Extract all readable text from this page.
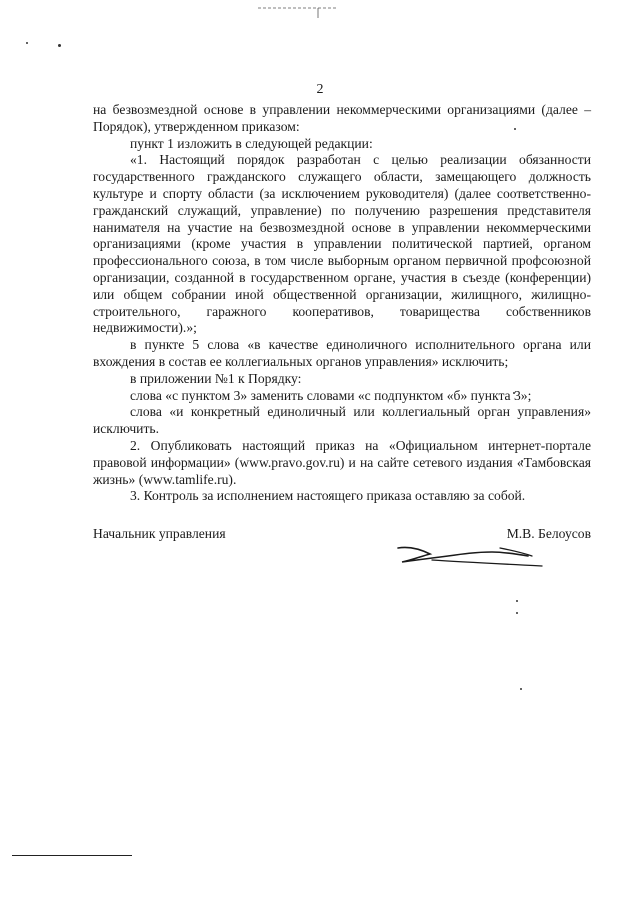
2

на безвозмездной основе в управлении некоммерческими организациями (далее – Порядок), утвержденном приказом:

пункт 1 изложить в следующей редакции:

«1. Настоящий порядок разработан с целью реализации обязанности государственного гражданского служащего области, замещающего должность культуре и спорту области (за исключением руководителя) (далее соответственно-гражданский служащий, управление) по получению разрешения представителя нанимателя на участие на безвозмездной основе в управлении некоммерческими организациями (кроме участия в управлении политической партией, органом профессионального союза, в том числе выборным органом первичной профсоюзной организации, созданной в государственном органе, участия в съезде (конференции) или общем собрании иной общественной организации, жилищного, жилищно-строительного, гаражного кооперативов, товарищества собственников недвижимости).»;

в пункте 5 слова «в качестве единоличного исполнительного органа или вхождения в состав ее коллегиальных органов управления» исключить;

в приложении №1 к Порядку:

слова «с пунктом 3» заменить словами «с подпунктом «б» пункта 3»;

слова «и конкретный единоличный или коллегиальный орган управления» исключить.

2. Опубликовать настоящий приказ на «Официальном интернет-портале правовой информации» (www.pravo.gov.ru) и на сайте сетевого издания «Тамбовская жизнь» (www.tamlife.ru).

3. Контроль за исполнением настоящего приказа оставляю за собой.

Начальник управления	М.В. Белоусов
